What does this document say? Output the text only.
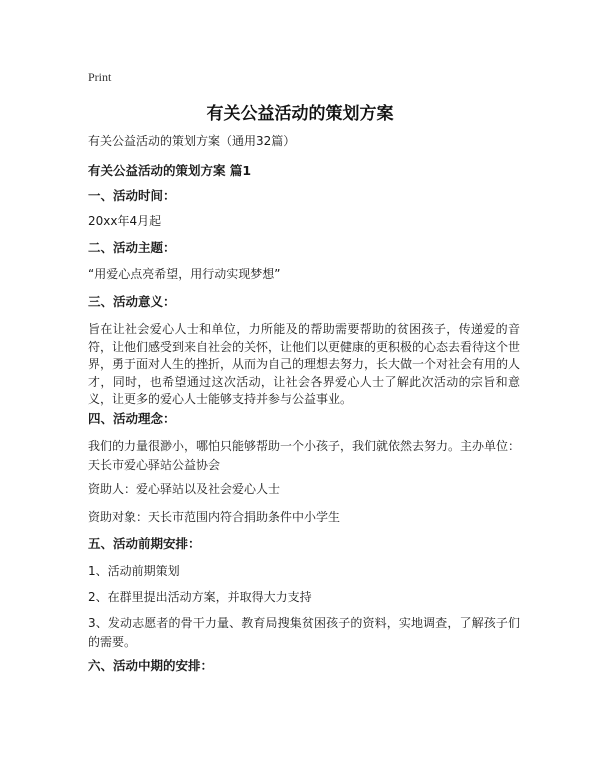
Print
有关公益活动的策划方案
有关公益活动的策划方案（通用32篇）
有关公益活动的策划方案 篇1
一、活动时间：
20xx年4月起
二、活动主题：
“用爱心点亮希望，用行动实现梦想”
三、活动意义：
旨在让社会爱心人士和单位，力所能及的帮助需要帮助的贫困孩子，传递爱的音符，让他们感受到来自社会的关怀，让他们以更健康的更积极的心态去看待这个世界，勇于面对人生的挫折，从而为自己的理想去努力，长大做一个对社会有用的人才，同时，也希望通过这次活动，让社会各界爱心人士了解此次活动的宗旨和意义，让更多的爱心人士能够支持并参与公益事业。
四、活动理念：
我们的力量很渺小，哪怕只能够帮助一个小孩子，我们就依然去努力。主办单位：天长市爱心驿站公益协会
资助人：爱心驿站以及社会爱心人士
资助对象：天长市范围内符合捐助条件中小学生
五、活动前期安排：
1、活动前期策划
2、在群里提出活动方案，并取得大力支持
3、发动志愿者的骨干力量、教育局搜集贫困孩子的资料，实地调查，了解孩子们的需要。
六、活动中期的安排：
